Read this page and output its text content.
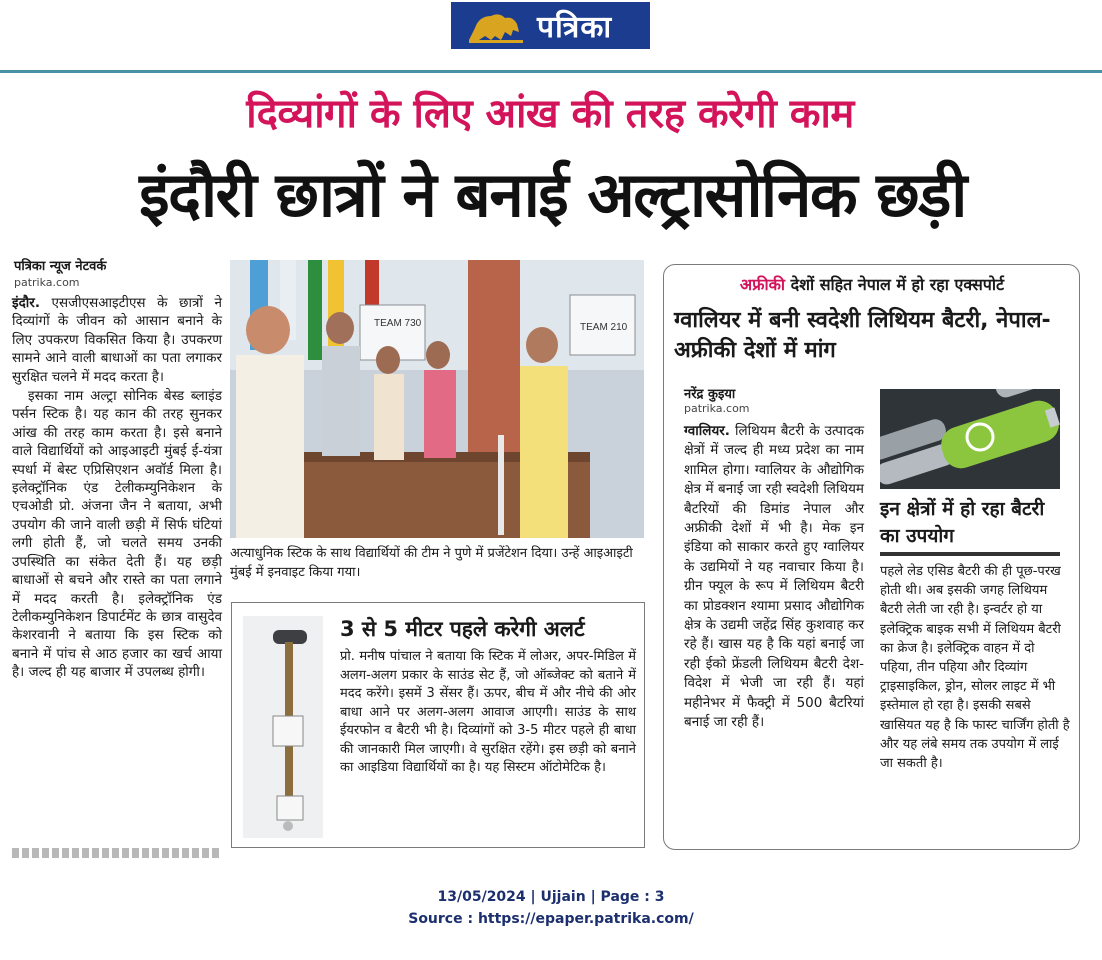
पत्रिका
दिव्यांगों के लिए आंख की तरह करेगी काम
इंदौरी छात्रों ने बनाई अल्ट्रासोनिक छड़ी
पत्रिका न्यूज नेटवर्क
patrika.com

इंदौर. एसजीएसआइटीएस के छात्रों ने दिव्यांगों के जीवन को आसान बनाने के लिए उपकरण विकसित किया है। उपकरण सामने आने वाली बाधाओं का पता लगाकर सुरक्षित चलने में मदद करता है।

इसका नाम अल्ट्रा सोनिक बेस्ड ब्लाइंड पर्सन स्टिक है। यह कान की तरह सुनकर आंख की तरह काम करता है। इसे बनाने वाले विद्यार्थियों को आइआइटी मुंबई ई-यंत्रा स्पर्धा में बेस्ट एप्रिसिएशन अवॉर्ड मिला है। इलेक्ट्रॉनिक एंड टेलीकम्युनिकेशन के एचओडी प्रो. अंजना जैन ने बताया, अभी उपयोग की जाने वाली छड़ी में सिर्फ घंटियां लगी होती हैं, जो चलते समय उनकी उपस्थिति का संकेत देती हैं। यह छड़ी बाधाओं से बचने और रास्ते का पता लगाने में मदद करती है। इलेक्ट्रॉनिक एंड टेलीकम्युनिकेशन डिपार्टमेंट के छात्र वासुदेव केशरवानी ने बताया कि इस स्टिक को बनाने में पांच से आठ हजार का खर्च आया है। जल्द ही यह बाजार में उपलब्ध होगी।

TEAM 730	TEAM 210
अत्याधुनिक स्टिक के साथ विद्यार्थियों की टीम ने पुणे में प्रजेंटेशन दिया। उन्हें आइआइटी मुंबई में इनवाइट किया गया।
3 से 5 मीटर पहले करेगी अलर्ट
प्रो. मनीष पांचाल ने बताया कि स्टिक में लोअर, अपर-मिडिल में अलग-अलग प्रकार के साउंड सेट हैं, जो ऑब्जेक्ट को बताने में मदद करेंगे। इसमें 3 सेंसर हैं। ऊपर, बीच में और नीचे की ओर बाधा आने पर अलग-अलग आवाज आएगी। साउंड के साथ ईयरफोन व बैटरी भी है। दिव्यांगों को 3-5 मीटर पहले ही बाधा की जानकारी मिल जाएगी। वे सुरक्षित रहेंगे। इस छड़ी को बनाने का आइडिया विद्यार्थियों का है। यह सिस्टम ऑटोमेटिक है।
अफ्रीकी देशों सहित नेपाल में हो रहा एक्सपोर्ट
ग्वालियर में बनी स्वदेशी लिथियम बैटरी, नेपाल-अफ्रीकी देशों में मांग
नरेंद्र कुइया
patrika.com
ग्वालियर. लिथियम बैटरी के उत्पादक क्षेत्रों में जल्द ही मध्य प्रदेश का नाम शामिल होगा। ग्वालियर के औद्योगिक क्षेत्र में बनाई जा रही स्वदेशी लिथियम बैटरियों की डिमांड नेपाल और अफ्रीकी देशों में भी है। मेक इन इंडिया को साकार करते हुए ग्वालियर के उद्यमियों ने यह नवाचार किया है। ग्रीन फ्यूल के रूप में लिथियम बैटरी का प्रोडक्शन श्यामा प्रसाद औद्योगिक क्षेत्र के उद्यमी जहेंद्र सिंह कुशवाह कर रहे हैं। खास यह है कि यहां बनाई जा रही ईको फ्रेंडली लिथियम बैटरी देश-विदेश में भेजी जा रही हैं। यहां महीनेभर में फैक्ट्री में 500 बैटरियां बनाई जा रही हैं।
इन क्षेत्रों में हो रहा बैटरी का उपयोग
पहले लेड एसिड बैटरी की ही पूछ-परख होती थी। अब इसकी जगह लिथियम बैटरी लेती जा रही है। इन्वर्टर हो या इलेक्ट्रिक बाइक सभी में लिथियम बैटरी का क्रेज है। इलेक्ट्रिक वाहन में दो पहिया, तीन पहिया और दिव्यांग ट्राइसाइकिल, ड्रोन, सोलर लाइट में भी इस्तेमाल हो रहा है। इसकी सबसे खासियत यह है कि फास्ट चार्जिंग होती है और यह लंबे समय तक उपयोग में लाई जा सकती है।
13/05/2024 | Ujjain | Page : 3
Source : https://epaper.patrika.com/
